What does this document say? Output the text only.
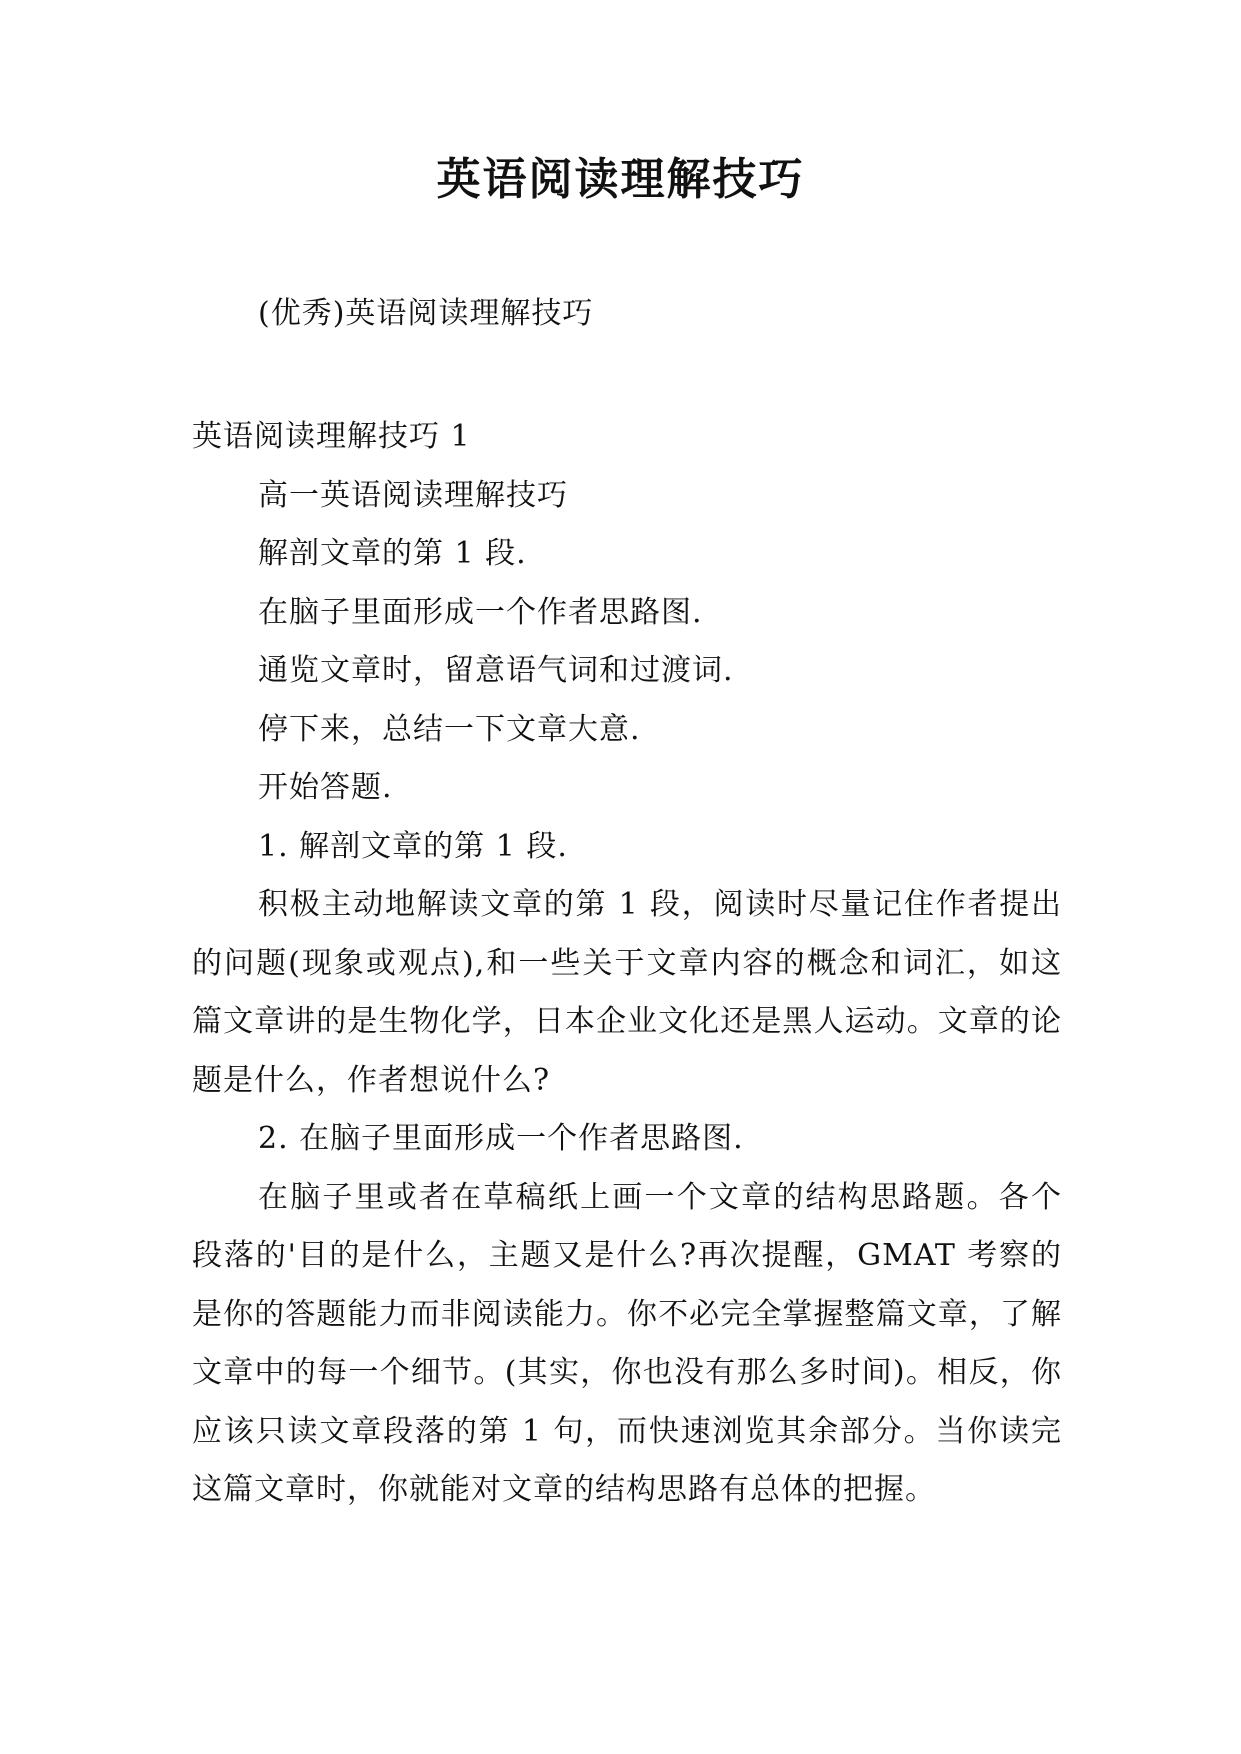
英语阅读理解技巧

(优秀)英语阅读理解技巧

英语阅读理解技巧 1

高一英语阅读理解技巧

解剖文章的第 1 段.

在脑子里面形成一个作者思路图.

通览文章时，留意语气词和过渡词.

停下来，总结一下文章大意.

开始答题.

1. 解剖文章的第 1 段.

积极主动地解读文章的第 1 段，阅读时尽量记住作者提出的问题(现象或观点),和一些关于文章内容的概念和词汇，如这篇文章讲的是生物化学，日本企业文化还是黑人运动。文章的论题是什么，作者想说什么?

2. 在脑子里面形成一个作者思路图.

在脑子里或者在草稿纸上画一个文章的结构思路题。各个段落的'目的是什么，主题又是什么?再次提醒，GMAT 考察的是你的答题能力而非阅读能力。你不必完全掌握整篇文章，了解文章中的每一个细节。(其实，你也没有那么多时间)。相反，你应该只读文章段落的第 1 句，而快速浏览其余部分。当你读完这篇文章时，你就能对文章的结构思路有总体的把握。
